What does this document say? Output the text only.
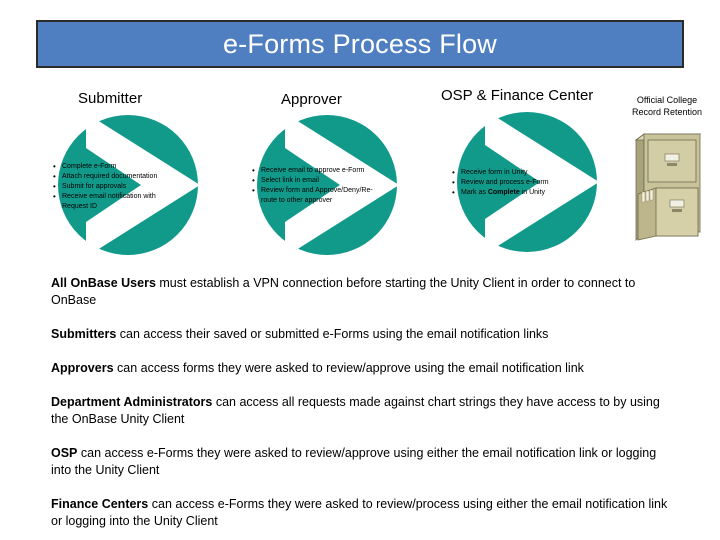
e-Forms Process Flow
Submitter	Approver	OSP & Finance Center	Official College
Record Retention
• Complete e-Form
• Attach required documentation
• Submit for approvals
• Receive email notification with Request ID
• Receive email to approve e-Form
• Select link in email
• Review form and Approve/Deny/Re-route to other approver
• Receive form in Unity
• Review and process e-Form
• Mark as Complete in Unity

All OnBase Users must establish a VPN connection before starting the Unity Client in order to connect to OnBase

Submitters can access their saved or submitted e-Forms using the email notification links

Approvers can access forms they were asked to review/approve using the email notification link

Department Administrators can access all requests made against chart strings they have access to by using the OnBase Unity Client

OSP can access e-Forms they were asked to review/approve using either the email notification link or logging into the Unity Client

Finance Centers can access e-Forms they were asked to review/process using either the email notification link or logging into the Unity Client
